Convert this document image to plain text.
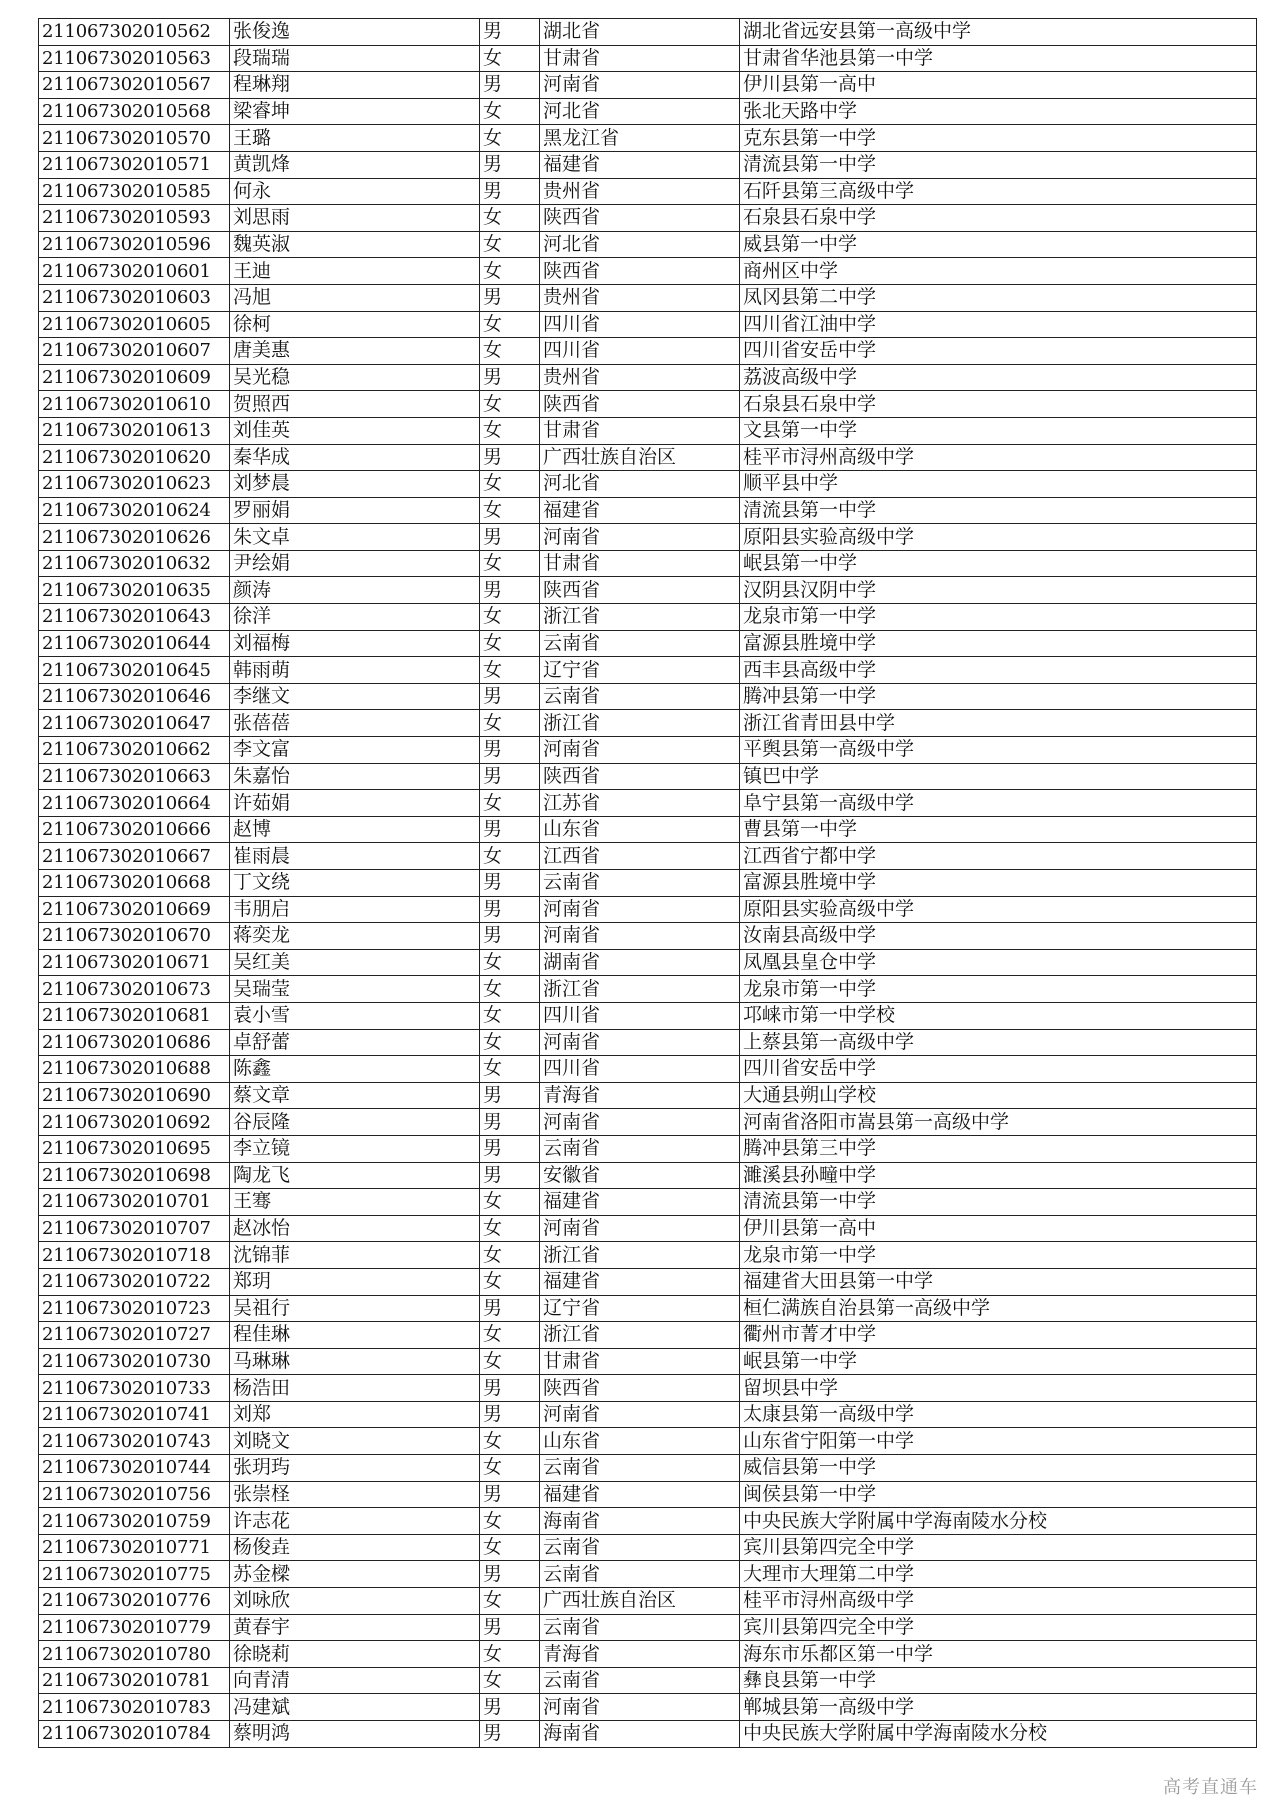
211067302010562	张俊逸	男	湖北省	湖北省远安县第一高级中学
211067302010563	段瑞瑞	女	甘肃省	甘肃省华池县第一中学
211067302010567	程琳翔	男	河南省	伊川县第一高中
211067302010568	梁睿坤	女	河北省	张北天路中学
211067302010570	王璐	女	黑龙江省	克东县第一中学
211067302010571	黄凯烽	男	福建省	清流县第一中学
211067302010585	何永	男	贵州省	石阡县第三高级中学
211067302010593	刘思雨	女	陕西省	石泉县石泉中学
211067302010596	魏英淑	女	河北省	威县第一中学
211067302010601	王迪	女	陕西省	商州区中学
211067302010603	冯旭	男	贵州省	凤冈县第二中学
211067302010605	徐柯	女	四川省	四川省江油中学
211067302010607	唐美惠	女	四川省	四川省安岳中学
211067302010609	吴光稳	男	贵州省	荔波高级中学
211067302010610	贺照西	女	陕西省	石泉县石泉中学
211067302010613	刘佳英	女	甘肃省	文县第一中学
211067302010620	秦华成	男	广西壮族自治区	桂平市浔州高级中学
211067302010623	刘梦晨	女	河北省	顺平县中学
211067302010624	罗丽娟	女	福建省	清流县第一中学
211067302010626	朱文卓	男	河南省	原阳县实验高级中学
211067302010632	尹绘娟	女	甘肃省	岷县第一中学
211067302010635	颜涛	男	陕西省	汉阴县汉阴中学
211067302010643	徐洋	女	浙江省	龙泉市第一中学
211067302010644	刘福梅	女	云南省	富源县胜境中学
211067302010645	韩雨萌	女	辽宁省	西丰县高级中学
211067302010646	李继文	男	云南省	腾冲县第一中学
211067302010647	张蓓蓓	女	浙江省	浙江省青田县中学
211067302010662	李文富	男	河南省	平舆县第一高级中学
211067302010663	朱嘉怡	男	陕西省	镇巴中学
211067302010664	许茹娟	女	江苏省	阜宁县第一高级中学
211067302010666	赵博	男	山东省	曹县第一中学
211067302010667	崔雨晨	女	江西省	江西省宁都中学
211067302010668	丁文绕	男	云南省	富源县胜境中学
211067302010669	韦朋启	男	河南省	原阳县实验高级中学
211067302010670	蒋奕龙	男	河南省	汝南县高级中学
211067302010671	吴红美	女	湖南省	凤凰县皇仓中学
211067302010673	吴瑞莹	女	浙江省	龙泉市第一中学
211067302010681	袁小雪	女	四川省	邛崃市第一中学校
211067302010686	卓舒蕾	女	河南省	上蔡县第一高级中学
211067302010688	陈鑫	女	四川省	四川省安岳中学
211067302010690	蔡文章	男	青海省	大通县朔山学校
211067302010692	谷辰隆	男	河南省	河南省洛阳市嵩县第一高级中学
211067302010695	李立镜	男	云南省	腾冲县第三中学
211067302010698	陶龙飞	男	安徽省	濉溪县孙疃中学
211067302010701	王骞	女	福建省	清流县第一中学
211067302010707	赵冰怡	女	河南省	伊川县第一高中
211067302010718	沈锦菲	女	浙江省	龙泉市第一中学
211067302010722	郑玥	女	福建省	福建省大田县第一中学
211067302010723	吴祖行	男	辽宁省	桓仁满族自治县第一高级中学
211067302010727	程佳琳	女	浙江省	衢州市菁才中学
211067302010730	马琳琳	女	甘肃省	岷县第一中学
211067302010733	杨浩田	男	陕西省	留坝县中学
211067302010741	刘郑	男	河南省	太康县第一高级中学
211067302010743	刘晓文	女	山东省	山东省宁阳第一中学
211067302010744	张玥玙	女	云南省	威信县第一中学
211067302010756	张崇柽	男	福建省	闽侯县第一中学
211067302010759	许志花	女	海南省	中央民族大学附属中学海南陵水分校
211067302010771	杨俊垚	女	云南省	宾川县第四完全中学
211067302010775	苏金樑	男	云南省	大理市大理第二中学
211067302010776	刘咏欣	女	广西壮族自治区	桂平市浔州高级中学
211067302010779	黄春宇	男	云南省	宾川县第四完全中学
211067302010780	徐晓莉	女	青海省	海东市乐都区第一中学
211067302010781	向青清	女	云南省	彝良县第一中学
211067302010783	冯建斌	男	河南省	郸城县第一高级中学
211067302010784	蔡明鸿	男	海南省	中央民族大学附属中学海南陵水分校
高考直通车
